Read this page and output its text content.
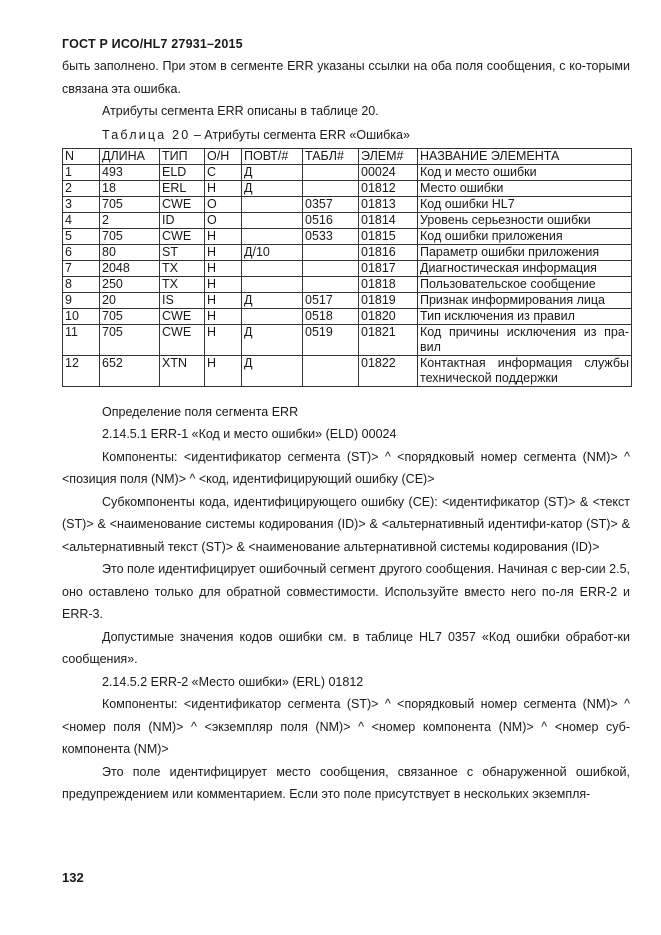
ГОСТ Р ИСО/HL7 27931–2015
быть заполнено. При этом в сегменте ERR указаны ссылки на оба поля сообщения, с ко-торыми связана эта ошибка.
Атрибуты сегмента ERR описаны в таблице 20.
Таблица 20 – Атрибуты сегмента ERR «Ошибка»
N	ДЛИНА	ТИП	О/Н	ПОВТ/#	ТАБЛ#	ЭЛЕМ#	НАЗВАНИЕ ЭЛЕМЕНТА
1	493	ELD	С	Д		00024	Код и место ошибки
2	18	ERL	Н	Д		01812	Место ошибки
3	705	CWE	О		0357	01813	Код ошибки HL7
4	2	ID	О		0516	01814	Уровень серьезности ошибки
5	705	CWE	Н		0533	01815	Код ошибки приложения
6	80	ST	Н	Д/10		01816	Параметр ошибки приложения
7	2048	TX	Н			01817	Диагностическая информация
8	250	TX	Н			01818	Пользовательское сообщение
9	20	IS	Н	Д	0517	01819	Признак информирования лица
10	705	CWE	Н		0518	01820	Тип исключения из правил
11	705	CWE	Н	Д	0519	01821	Код причины исключения из пра-вил
12	652	XTN	Н	Д		01822	Контактная информация службы технической поддержки
Определение поля сегмента ERR
2.14.5.1 ERR-1 «Код и место ошибки» (ELD) 00024
Компоненты: <идентификатор сегмента (ST)> ^ <порядковый номер сегмента (NM)> ^ <позиция поля (NM)> ^ <код, идентифицирующий ошибку (CE)>
Субкомпоненты кода, идентифицирующего ошибку (CE): <идентификатор (ST)> & <текст (ST)> & <наименование системы кодирования (ID)> & <альтернативный идентифи-катор (ST)> & <альтернативный текст (ST)> & <наименование альтернативной системы кодирования (ID)>
Это поле идентифицирует ошибочный сегмент другого сообщения. Начиная с вер-сии 2.5, оно оставлено только для обратной совместимости. Используйте вместо него по-ля ERR-2 и ERR-3.
Допустимые значения кодов ошибки см. в таблице HL7 0357 «Код ошибки обработ-ки сообщения».
2.14.5.2 ERR-2 «Место ошибки» (ERL) 01812
Компоненты: <идентификатор сегмента (ST)> ^ <порядковый номер сегмента (NM)> ^ <номер поля (NM)> ^ <экземпляр поля (NM)> ^ <номер компонента (NM)> ^ <номер суб-компонента (NM)>
Это поле идентифицирует место сообщения, связанное с обнаруженной ошибкой, предупреждением или комментарием. Если это поле присутствует в нескольких экземпля-
132
